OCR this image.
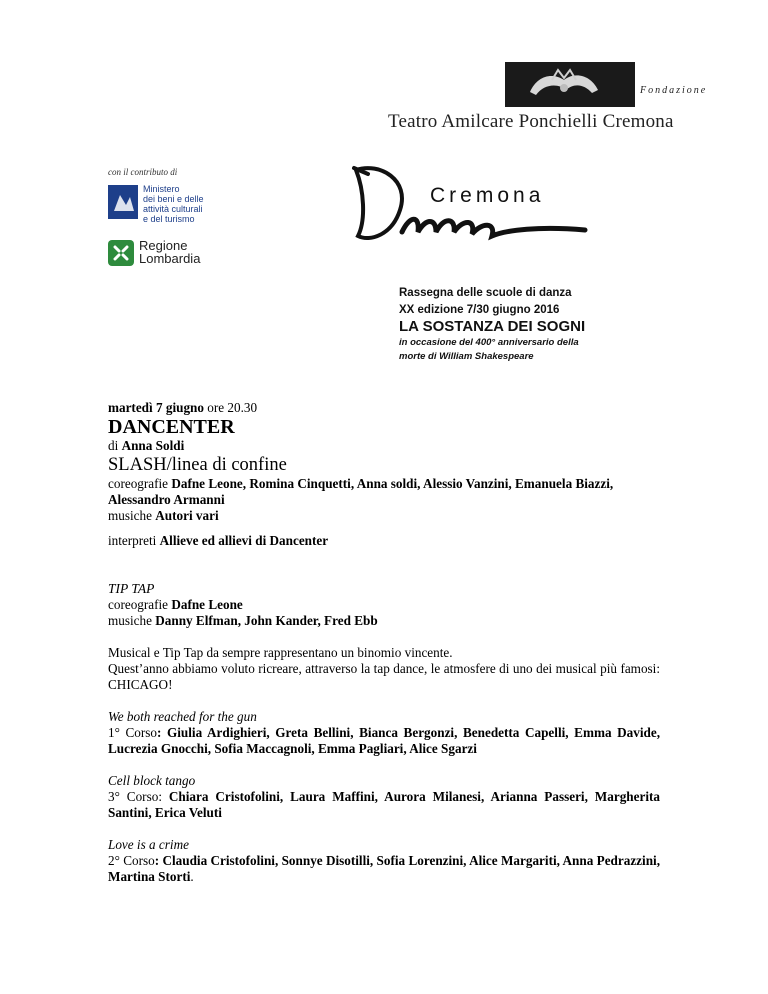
Fondazione
Teatro Amilcare Ponchielli Cremona
con il contributo di
Ministero
dei beni e delle
attività culturali
e del turismo
Regione
Lombardia
Cremona
Rassegna delle scuole di danza
XX edizione 7/30 giugno 2016
LA SOSTANZA DEI SOGNI
in occasione del 400° anniversario della
morte di William Shakespeare

martedì 7 giugno ore 20.30

DANCENTER

di Anna Soldi

SLASH/linea di confine

coreografie Dafne Leone, Romina Cinquetti, Anna soldi, Alessio Vanzini, Emanuela Biazzi, Alessandro Armanni

musiche Autori vari

interpreti Allieve ed allievi di Dancenter

TIP TAP

coreografie Dafne Leone

musiche Danny Elfman, John Kander, Fred Ebb

Musical e Tip Tap da sempre rappresentano un binomio vincente.

Quest’anno abbiamo voluto ricreare, attraverso la tap dance, le atmosfere di uno dei musical più famosi: CHICAGO!

We both reached for the gun

1° Corso: Giulia Ardighieri, Greta Bellini, Bianca Bergonzi, Benedetta Capelli, Emma Davide, Lucrezia Gnocchi, Sofia Maccagnoli, Emma Pagliari, Alice Sgarzi

Cell block tango

3° Corso: Chiara Cristofolini, Laura Maffini, Aurora Milanesi, Arianna Passeri, Margherita Santini, Erica Veluti

Love is a crime

2° Corso: Claudia Cristofolini, Sonnye Disotilli, Sofia Lorenzini, Alice Margariti, Anna Pedrazzini, Martina Storti.
